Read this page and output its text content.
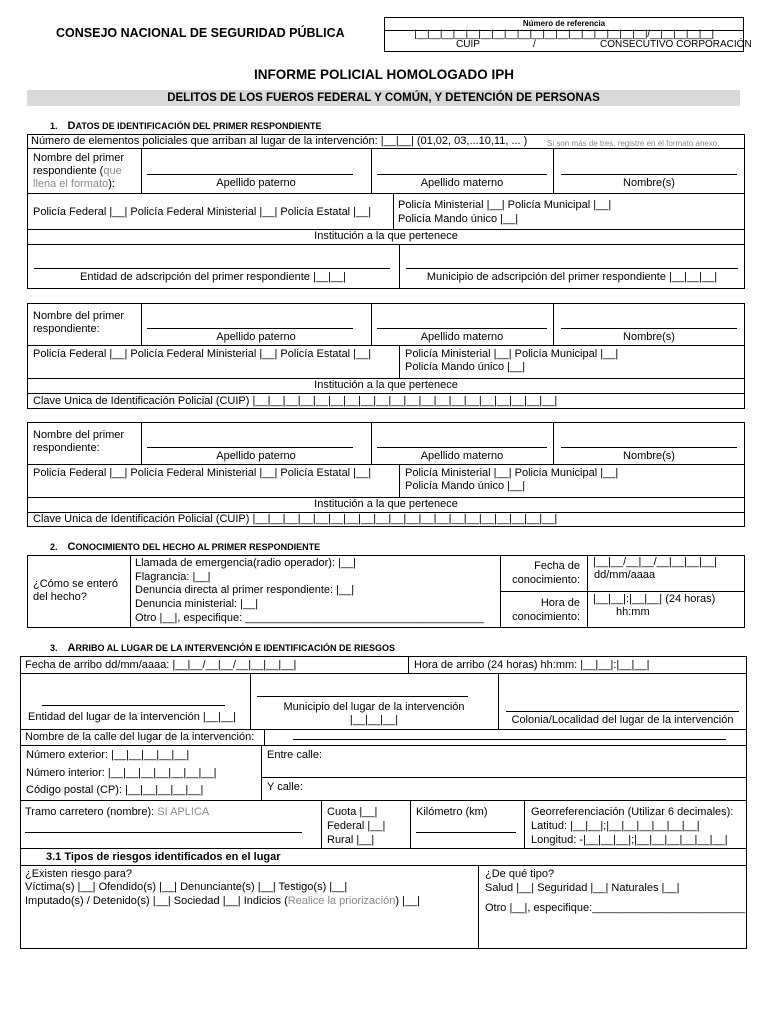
CONSEJO NACIONAL DE SEGURIDAD PÚBLICA
Número de referencia
|__|__|__|__|__|__|__|__|__|__|__|__|__|__|__|__|__|__|/__|__|__|__|__|
CUIP	/	CONSECUTIVO CORPORACIÓN
INFORME POLICIAL HOMOLOGADO IPH
DELITOS DE LOS FUEROS FEDERAL Y COMÚN, Y DETENCIÓN DE PERSONAS
1. DATOS DE IDENTIFICACIÓN DEL PRIMER RESPONDIENTE
Número de elementos policiales que arriban al lugar de la intervención: |__|__| (01,02, 03,...10,11, ... ) Si son más de tres, registre en el formato anexo.
Nombre del primer
respondiente (que
llena el formato):	Apellido paterno	Apellido materno	Nombre(s)
Policía Federal |__| Policía Federal Ministerial |__| Policía Estatal |__|
Policía Ministerial |__| Policía Municipal |__|
Policía Mando único |__|
Institución a la que pertenece
Entidad de adscripción del primer respondiente |__|__|	Municipio de adscripción del primer respondiente |__|__|__|
Nombre del primer
respondiente:
Apellido paterno	Apellido materno	Nombre(s)
Policía Federal |__| Policía Federal Ministerial |__| Policía Estatal |__|	Policía Ministerial |__| Policía Municipal |__|
Policía Mando único |__|
Institución a la que pertenece
Clave Unica de Identificación Policial (CUIP) |__|__|__|__|__|__|__|__|__|__|__|__|__|__|__|__|__|__|__|__|
Nombre del primer
respondiente:
Apellido paterno	Apellido materno	Nombre(s)
Policía Federal |__| Policía Federal Ministerial |__| Policía Estatal |__|	Policía Ministerial |__| Policía Municipal |__|
Policía Mando único |__|
Institución a la que pertenece
Clave Unica de Identificación Policial (CUIP) |__|__|__|__|__|__|__|__|__|__|__|__|__|__|__|__|__|__|__|__|
2. CONOCIMIENTO DEL HECHO AL PRIMER RESPONDIENTE
¿Cómo se enteró
del hecho?
Llamada de emergencia(radio operador): |__|
Flagrancia: |__|
Denuncia directa al primer respondiente: |__|
Denuncia ministerial: |__|
Otro |__|, especifique: _______________________________________
Fecha de
conocimiento:
|__|__/__|__/__|__|__|__|
dd/mm/aaaa
Hora de
conocimiento:
|__|__|:|__|__| (24 horas)
hh:mm
3. ARRIBO AL LUGAR DE LA INTERVENCIÓN E IDENTIFICACIÓN DE RIESGOS
Fecha de arribo dd/mm/aaaa: |__|__/__|__/__|__|__|__|	Hora de arribo (24 horas) hh:mm: |__|__|:|__|__|
Entidad del lugar de la intervención |__|__|
Municipio del lugar de la intervención
|__|__|__|	Colonia/Localidad del lugar de la intervención
Nombre de la calle del lugar de la intervención:
Número exterior: |__|__|__|__|__|
Número interior: |__|__|__|__|__|__|__|
Código postal (CP): |__|__|__|__|__|
Entre calle:
Y calle:
Tramo carretero (nombre): SI APLICA	Cuota |__|
Federal |__|
Rural |__|
Kilómetro (km)	Georreferenciación (Utilizar 6 decimales):
Latitud: |__|__|;|__|__|__|__|__|__|
Longitud: -|__|__|__|;|__|__|__|__|__|__|
3.1 Tipos de riesgos identificados en el lugar
¿Existen riesgo para?
Víctima(s) |__| Ofendido(s) |__| Denunciante(s) |__| Testigo(s) |__|
Imputado(s) / Detenido(s) |__| Sociedad |__| Indicios (Realice la priorización) |__|
¿De qué tipo?
Salud |__| Seguridad |__| Naturales |__|
Otro |__|, especifique:_________________________
